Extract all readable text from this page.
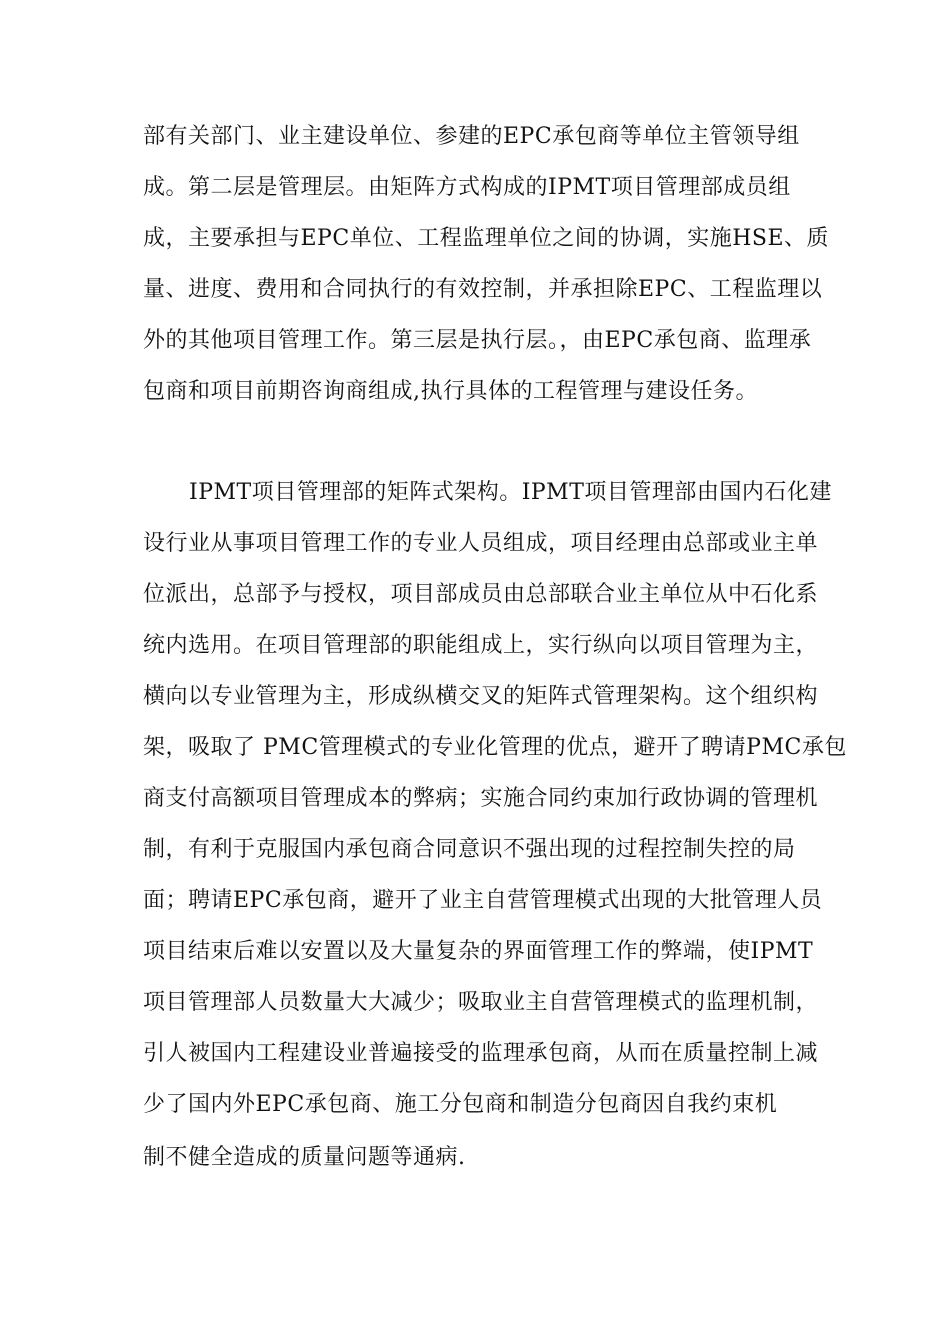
部有关部门、业主建设单位、参建的EPC承包商等单位主管领导组
成。第二层是管理层。由矩阵方式构成的IPMT项目管理部成员组
成，主要承担与EPC单位、工程监理单位之间的协调，实施HSE、质
量、进度、费用和合同执行的有效控制，并承担除EPC、工程监理以
外的其他项目管理工作。第三层是执行层。，由EPC承包商、监理承
包商和项目前期咨询商组成,执行具体的工程管理与建设任务。
IPMT项目管理部的矩阵式架构。IPMT项目管理部由国内石化建
设行业从事项目管理工作的专业人员组成，项目经理由总部或业主单
位派出，总部予与授权，项目部成员由总部联合业主单位从中石化系
统内选用。在项目管理部的职能组成上，实行纵向以项目管理为主，
横向以专业管理为主，形成纵横交叉的矩阵式管理架构。这个组织构
架，吸取了 PMC管理模式的专业化管理的优点，避开了聘请PMC承包
商支付高额项目管理成本的弊病；实施合同约束加行政协调的管理机
制，有利于克服国内承包商合同意识不强出现的过程控制失控的局
面；聘请EPC承包商，避开了业主自营管理模式出现的大批管理人员
项目结束后难以安置以及大量复杂的界面管理工作的弊端，使IPMT
项目管理部人员数量大大减少；吸取业主自营管理模式的监理机制，
引人被国内工程建设业普遍接受的监理承包商，从而在质量控制上减
少了国内外EPC承包商、施工分包商和制造分包商因自我约束机
制不健全造成的质量问题等通病.
